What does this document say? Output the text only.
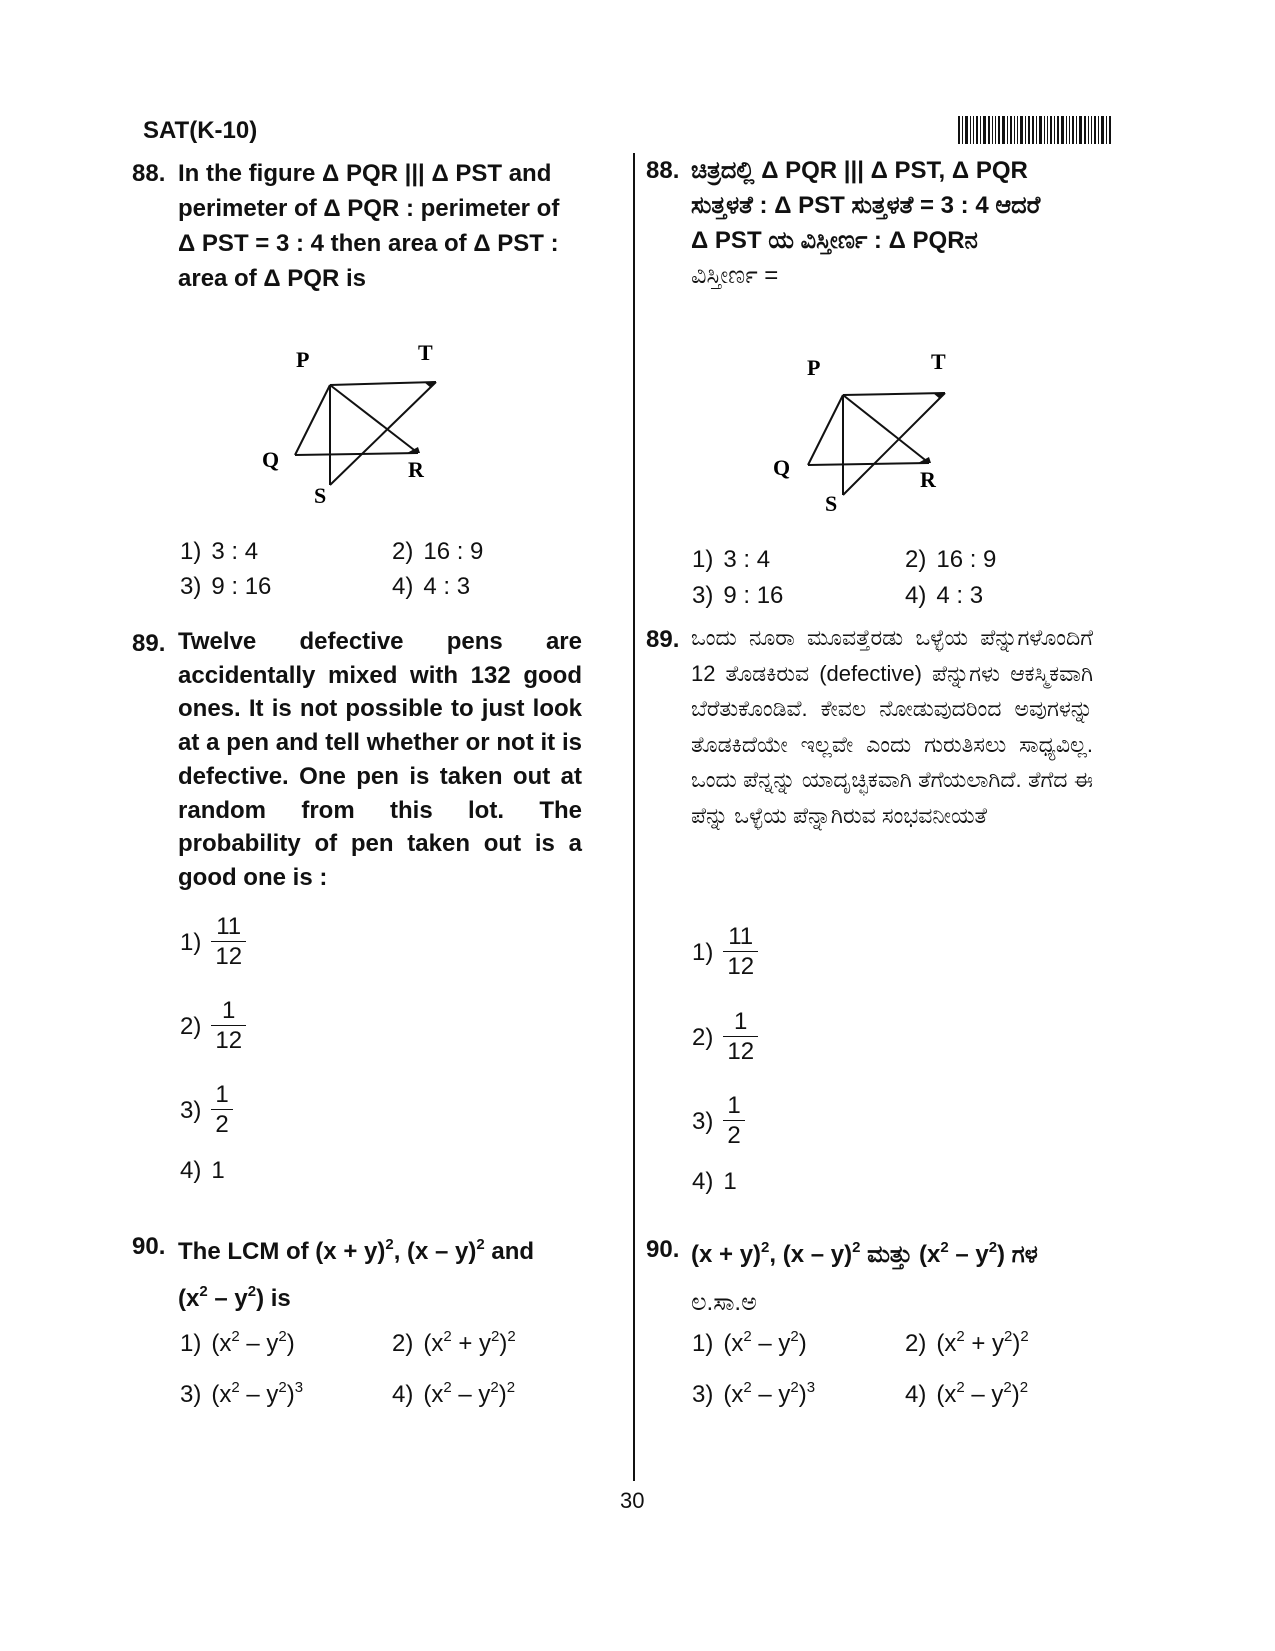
SAT(K-10)
88. In the figure Δ PQR ||| Δ PST and
perimeter of Δ PQR : perimeter of
Δ PST = 3 : 4 then area of Δ PST :
area of Δ PQR is
P	T
Q	R
S
1) 3 : 4	2) 16 : 9
3) 9 : 16	4) 4 : 3
89. Twelve defective pens are accidentally mixed with 132 good ones. It is not possible to just look at a pen and tell whether or not it is defective. One pen is taken out at random from this lot. The probability of pen taken out is a good one is :
$1) \frac{11}{12}$
$2) \frac{1}{12}$
$3) \frac{1}{2}$
4) 1
90. The LCM of $(x + y)^2$, (x – y)$^2$ and
$(x^2 - y^2)$ is
1) $(x^2 - y^2)$	2) $(x^2 + y^2)^2$
3) $(x^2 - y^2)^3$	4) $(x^2 - y^2)^2$
88. ಚಿತ್ರದಲ್ಲಿ Δ PQR ||| Δ PST, Δ PQR
ಸುತ್ತಳತೆ : Δ PST ಸುತ್ತಳತೆ = 3 : 4 ಆದರೆ
Δ PST ಯ ವಿಸ್ತೀರ್ಣ : Δ PQRನ
ವಿಸ್ತೀರ್ಣ =
P	T
Q	R
S
1) 3 : 4	2) 16 : 9
3) 9 : 16	4) 4 : 3
89. ಒಂದು ನೂರಾ ಮೂವತ್ತೆರಡು ಒಳ್ಳೆಯ ಪೆನ್ನುಗಳೊಂದಿಗೆ 12 ತೊಡಕಿರುವ (defective) ಪೆನ್ನುಗಳು ಆಕಸ್ಮಿಕವಾಗಿ ಬೆರೆತುಕೊಂಡಿವೆ. ಕೇವಲ ನೋಡುವುದರಿಂದ ಅವುಗಳನ್ನು ತೊಡಕಿದೆಯೇ ಇಲ್ಲವೇ ಎಂದು ಗುರುತಿಸಲು ಸಾಧ್ಯವಿಲ್ಲ. ಒಂದು ಪೆನ್ನನ್ನು ಯಾದೃಚ್ಛಿಕವಾಗಿ ತೆಗೆಯಲಾಗಿದೆ. ತೆಗೆದ ಈ ಪೆನ್ನು ಒಳ್ಳೆಯ ಪೆನ್ನಾಗಿರುವ ಸಂಭವನೀಯತೆ
$1) \frac{11}{12}$
$2) \frac{1}{12}$
$3) \frac{1}{2}$
4) 1
90. $(x + y)^2$, (x – y)$^2$ ಮತ್ತು $(x^2 - y^2)$ ಗಳ
ಲ.ಸಾ.ಅ
1) $(x^2 - y^2)$	2) $(x^2 + y^2)^2$
3) $(x^2 - y^2)^3$	4) $(x^2 - y^2)^2$
30
